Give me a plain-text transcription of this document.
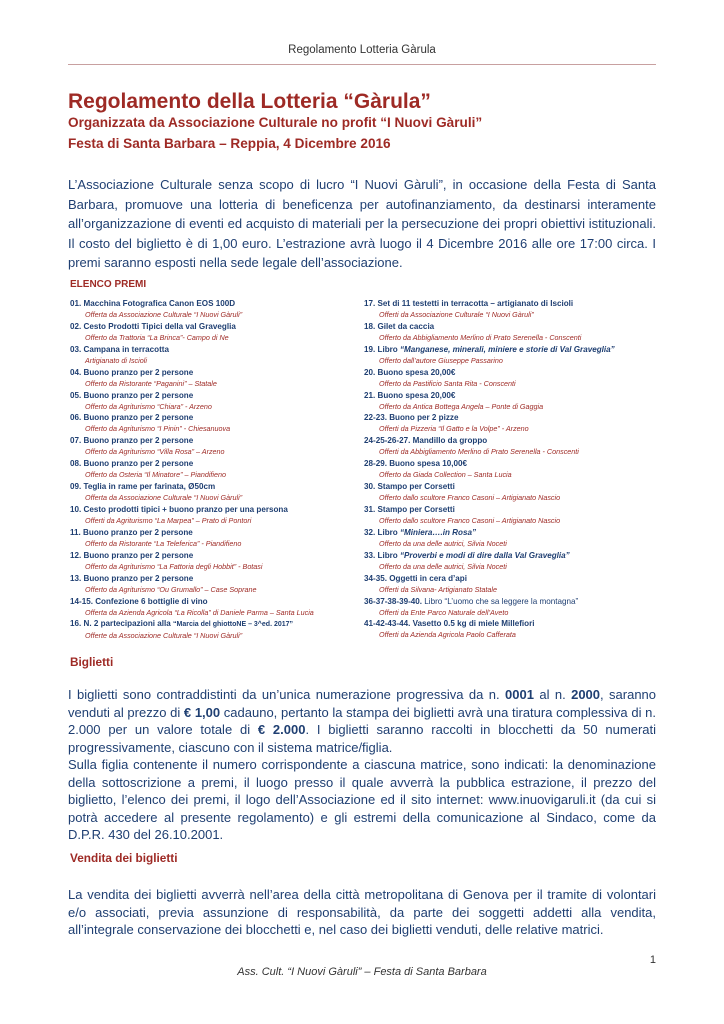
Regolamento Lotteria Gàrula
Regolamento della Lotteria “Gàrula”
Organizzata da Associazione Culturale no profit “I Nuovi Gàruli”
Festa di Santa Barbara – Reppia, 4 Dicembre 2016
L’Associazione Culturale senza scopo di lucro “I Nuovi Gàruli”, in occasione della Festa di Santa Barbara, promuove una lotteria di beneficenza per autofinanziamento, da destinarsi interamente all’organizzazione di eventi ed acquisto di materiali per la persecuzione dei propri obiettivi istituzionali. Il costo del biglietto è di 1,00 euro. L’estrazione avrà luogo il 4 Dicembre 2016 alle ore 17:00 circa. I premi saranno esposti nella sede legale dell’associazione.
ELENCO PREMI
01. Macchina Fotografica Canon EOS 100D
Offerta da Associazione Culturale “I Nuovi Gàruli”
02. Cesto Prodotti Tipici della val Graveglia
Offerto da Trattoria “La Brinca”- Campo di Ne
03. Campana in terracotta
Artigianato di Iscioli
04. Buono pranzo per 2 persone
Offerto da Ristorante “Paganini” – Statale
05. Buono pranzo per 2 persone
Offerto da Agriturismo “Chiara” - Arzeno
06. Buono pranzo per 2 persone
Offerto da Agriturismo “I Pinin” - Chiesanuova
07. Buono pranzo per 2 persone
Offerto da Agriturismo “Villa Rosa” – Arzeno
08. Buono pranzo per 2 persone
Offerto da Osteria “Il Minatore” – Piandifieno
09. Teglia in rame per farinata, Ø50cm
Offerta da Associazione Culturale “I Nuovi Gàruli”
10. Cesto prodotti tipici + buono pranzo per una persona
Offerti da Agriturismo “La Marpea” – Prato di Pontori
11. Buono pranzo per 2 persone
Offerto da Ristorante “La Teleferica” - Piandifieno
12. Buono pranzo per 2 persone
Offerto da Agriturismo “La Fattoria degli Hobbit” - Botasi
13. Buono pranzo per 2 persone
Offerto da Agriturismo “Ou Grumallo” – Case Soprane
14-15. Confezione 6 bottiglie di vino
Offerta da Azienda Agricola “La Ricolla” di Daniele Parma – Santa Lucia
16. N. 2 partecipazioni alla “Marcia del ghiottoNE – 3^ed. 2017”
Offerte da Associazione Culturale “I Nuovi Gàruli”
17. Set di 11 testetti in terracotta – artigianato di Iscioli
Offerti da Associazione Culturale “I Nuovi Gàruli”
18. Gilet da caccia
Offerto da Abbigliamento Merlino di Prato Serenella - Conscenti
19. Libro “Manganese, minerali, miniere e storie di Val Graveglia”
Offerto dall’autore Giuseppe Passarino
20. Buono spesa 20,00€
Offerto da Pastificio Santa Rita - Conscenti
21. Buono spesa 20,00€
Offerto da Antica Bottega Angela – Ponte di Gaggia
22-23. Buono per 2 pizze
Offerti da Pizzeria “Il Gatto e la Volpe” - Arzeno
24-25-26-27. Mandillo da groppo
Offerti da Abbigliamento Merlino di Prato Serenella - Conscenti
28-29. Buono spesa 10,00€
Offerto da Giada Collection – Santa Lucia
30. Stampo per Corsetti
Offerto dallo scultore Franco Casoni – Artigianato Nascio
31. Stampo per Corsetti
Offerto dallo scultore Franco Casoni – Artigianato Nascio
32. Libro “Miniera….in Rosa”
Offerto da una delle autrici, Silvia Noceti
33. Libro “Proverbi e modi di dire dalla Val Graveglia”
Offerto da una delle autrici, Silvia Noceti
34-35. Oggetti in cera d’api
Offerti da Silvana- Artigianato Statale
36-37-38-39-40. Libro “L’uomo che sa leggere la montagna”
Offerti da Ente Parco Naturale dell’Aveto
41-42-43-44. Vasetto 0.5 kg di miele Millefiori
Offerti da Azienda Agricola Paolo Cafferata
Biglietti
I biglietti sono contraddistinti da un’unica numerazione progressiva da n. 0001 al n. 2000, saranno venduti al prezzo di € 1,00 cadauno, pertanto la stampa dei biglietti avrà una tiratura complessiva di n. 2.000 per un valore totale di € 2.000. I biglietti saranno raccolti in blocchetti da 50 numerati progressivamente, ciascuno con il sistema matrice/figlia.
Sulla figlia contenente il numero corrispondente a ciascuna matrice, sono indicati: la denominazione della sottoscrizione a premi, il luogo presso il quale avverrà la pubblica estrazione, il prezzo del biglietto, l’elenco dei premi, il logo dell’Associazione ed il sito internet: www.inuovigaruli.it (da cui si potrà accedere al presente regolamento) e gli estremi della comunicazione al Sindaco, come da D.P.R. 430 del 26.10.2001.
Vendita dei biglietti
La vendita dei biglietti avverrà nell’area della città metropolitana di Genova per il tramite di volontari e/o associati, previa assunzione di responsabilità, da parte dei soggetti addetti alla vendita, all’integrale conservazione dei blocchetti e, nel caso dei biglietti venduti, delle relative matrici.
1
Ass. Cult. “I Nuovi Gàruli” – Festa di Santa Barbara
